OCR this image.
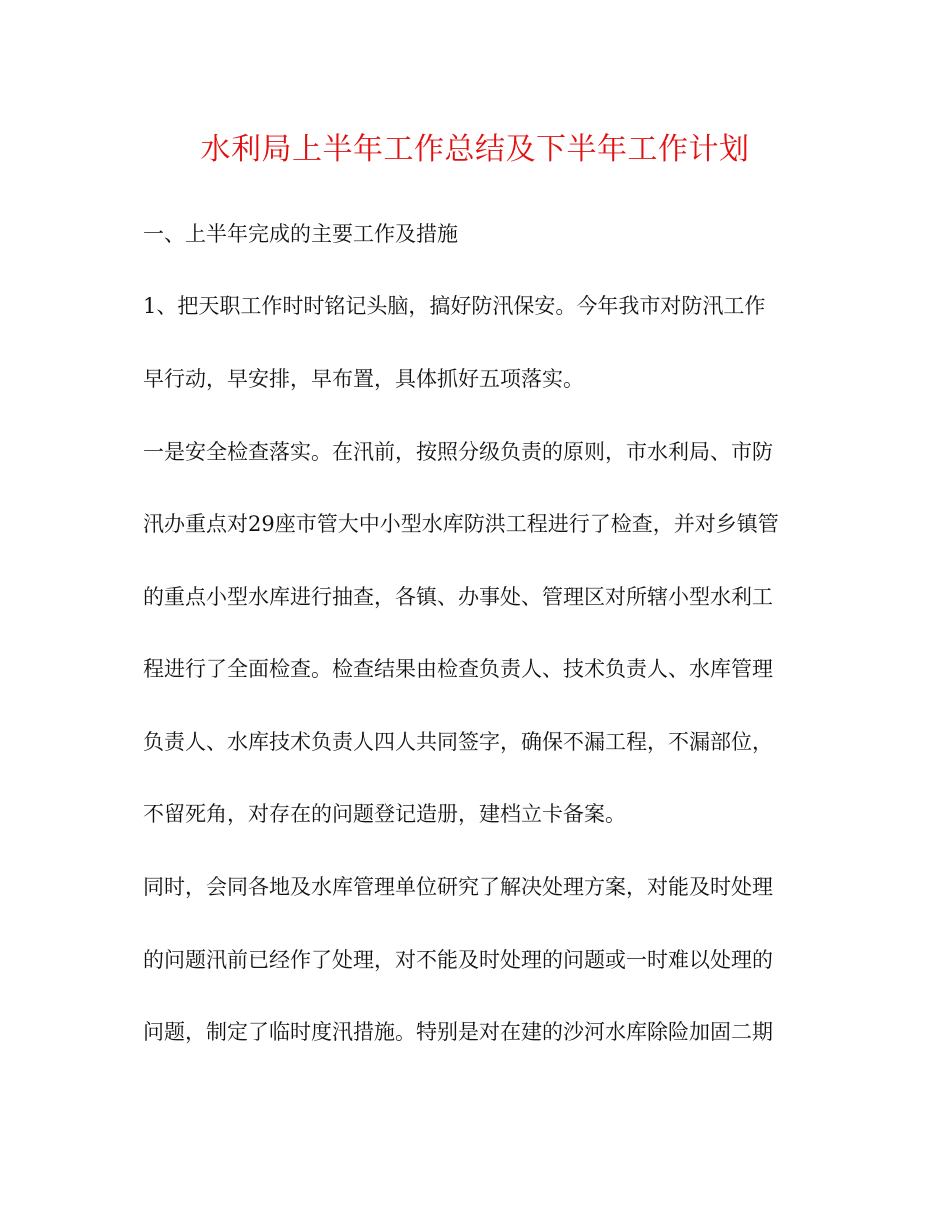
水利局上半年工作总结及下半年工作计划
一、上半年完成的主要工作及措施
1、把天职工作时时铭记头脑，搞好防汛保安。今年我市对防汛工作
早行动，早安排，早布置，具体抓好五项落实。
一是安全检查落实。在汛前，按照分级负责的原则，市水利局、市防
汛办重点对29座市管大中小型水库防洪工程进行了检查，并对乡镇管
的重点小型水库进行抽查，各镇、办事处、管理区对所辖小型水利工
程进行了全面检查。检查结果由检查负责人、技术负责人、水库管理
负责人、水库技术负责人四人共同签字，确保不漏工程，不漏部位，
不留死角，对存在的问题登记造册，建档立卡备案。
同时，会同各地及水库管理单位研究了解决处理方案，对能及时处理
的问题汛前已经作了处理，对不能及时处理的问题或一时难以处理的
问题，制定了临时度汛措施。特别是对在建的沙河水库除险加固二期
